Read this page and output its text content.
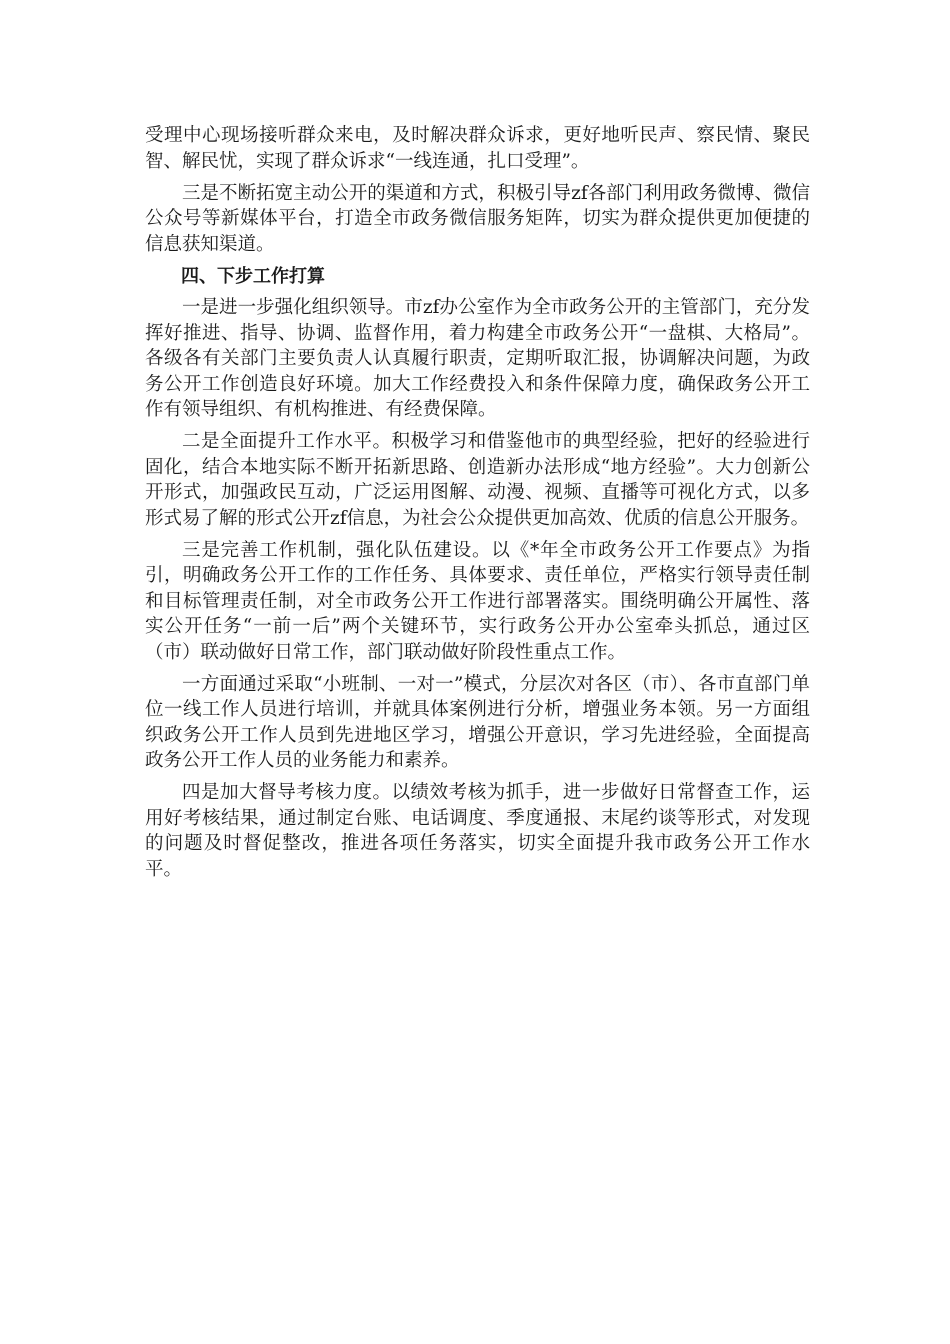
受理中心现场接听群众来电，及时解决群众诉求，更好地听民声、察民情、聚民智、解民忧，实现了群众诉求“一线连通，扎口受理”。

三是不断拓宽主动公开的渠道和方式，积极引导zf各部门利用政务微博、微信公众号等新媒体平台，打造全市政务微信服务矩阵，切实为群众提供更加便捷的信息获知渠道。

四、下步工作打算

一是进一步强化组织领导。市zf办公室作为全市政务公开的主管部门，充分发挥好推进、指导、协调、监督作用，着力构建全市政务公开“一盘棋、大格局”。各级各有关部门主要负责人认真履行职责，定期听取汇报，协调解决问题，为政务公开工作创造良好环境。加大工作经费投入和条件保障力度，确保政务公开工作有领导组织、有机构推进、有经费保障。

二是全面提升工作水平。积极学习和借鉴他市的典型经验，把好的经验进行固化，结合本地实际不断开拓新思路、创造新办法形成“地方经验”。大力创新公开形式，加强政民互动，广泛运用图解、动漫、视频、直播等可视化方式，以多形式易了解的形式公开zf信息，为社会公众提供更加高效、优质的信息公开服务。

三是完善工作机制，强化队伍建设。以《*年全市政务公开工作要点》为指引，明确政务公开工作的工作任务、具体要求、责任单位，严格实行领导责任制和目标管理责任制，对全市政务公开工作进行部署落实。围绕明确公开属性、落实公开任务“一前一后”两个关键环节，实行政务公开办公室牵头抓总，通过区（市）联动做好日常工作，部门联动做好阶段性重点工作。

一方面通过采取“小班制、一对一”模式，分层次对各区（市）、各市直部门单位一线工作人员进行培训，并就具体案例进行分析，增强业务本领。另一方面组织政务公开工作人员到先进地区学习，增强公开意识，学习先进经验，全面提高政务公开工作人员的业务能力和素养。

四是加大督导考核力度。以绩效考核为抓手，进一步做好日常督查工作，运用好考核结果，通过制定台账、电话调度、季度通报、末尾约谈等形式，对发现的问题及时督促整改，推进各项任务落实，切实全面提升我市政务公开工作水平。
